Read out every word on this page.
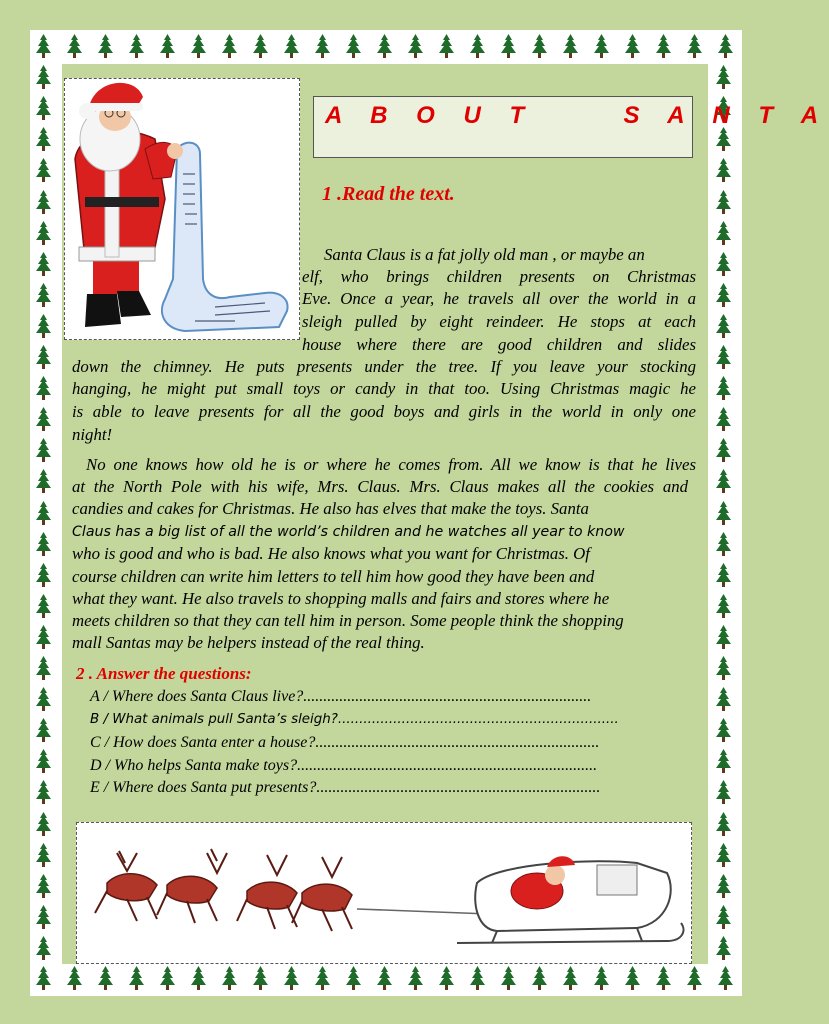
A B O U T     S A N T A
1 .Read the text.

Santa Claus is a fat jolly old man , or maybe an

elf, who brings children presents on Christmas

Eve. Once a year, he travels all over the world in a

sleigh pulled by eight reindeer. He stops at each

house where there are good children and slides

down the chimney. He puts presents under the tree. If you leave your stocking

hanging, he might put small toys or candy in that too. Using Christmas magic he

is able to leave presents for all the good boys and girls in the world in only one

night!

No one knows how old he is or where he comes from. All we know is that he lives

at the North Pole with his wife, Mrs. Claus. Mrs. Claus makes all the cookies and

candies and cakes for Christmas. He also has elves that make the toys. Santa

Claus has a big list of all the world’s children and he watches all year to know

who is good and who is bad. He also knows what you want for Christmas. Of

course children can write him letters to tell him how good they have been and

what they want. He also travels to shopping malls and fairs and stores where he

meets children so that they can tell him in person. Some people think the shopping

mall Santas may be helpers instead of the real thing.

2 . Answer the questions:

A / Where does Santa Claus live?........................................................................

B / What animals pull Santa’s sleigh?..................................................................

C / How does Santa enter a house?.......................................................................

D / Who helps Santa make toys?...........................................................................

E / Where does Santa put presents?.......................................................................
